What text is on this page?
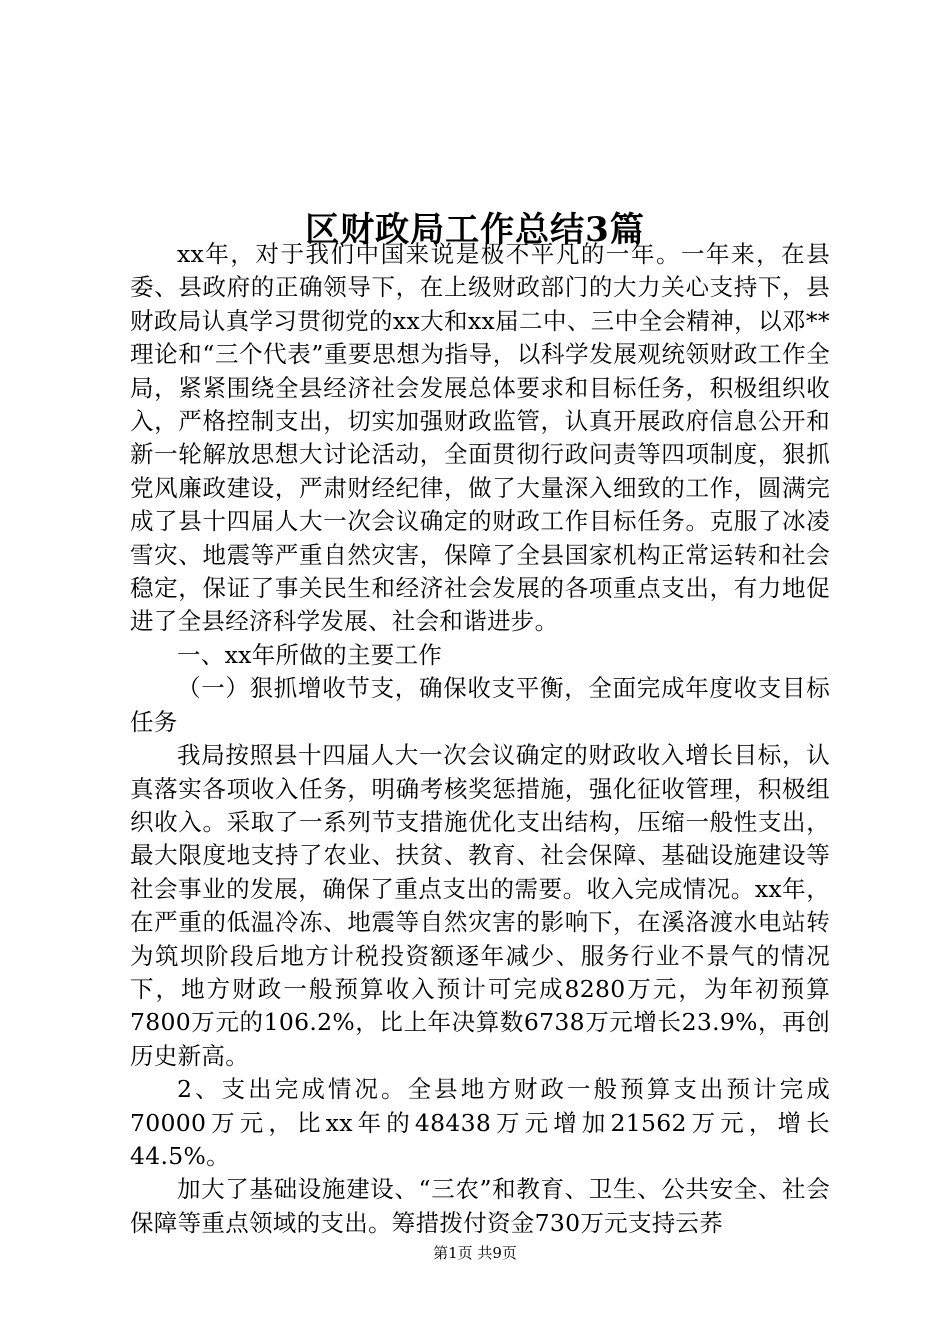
区财政局工作总结3篇

xx年，对于我们中国来说是极不平凡的一年。一年来，在县委、县政府的正确领导下，在上级财政部门的大力关心支持下，县财政局认真学习贯彻党的xx大和xx届二中、三中全会精神，以邓**理论和“三个代表”重要思想为指导，以科学发展观统领财政工作全局，紧紧围绕全县经济社会发展总体要求和目标任务，积极组织收入，严格控制支出，切实加强财政监管，认真开展政府信息公开和新一轮解放思想大讨论活动，全面贯彻行政问责等四项制度，狠抓党风廉政建设，严肃财经纪律，做了大量深入细致的工作，圆满完成了县十四届人大一次会议确定的财政工作目标任务。克服了冰凌雪灾、地震等严重自然灾害，保障了全县国家机构正常运转和社会稳定，保证了事关民生和经济社会发展的各项重点支出，有力地促进了全县经济科学发展、社会和谐进步。

一、xx年所做的主要工作

（一）狠抓增收节支，确保收支平衡，全面完成年度收支目标任务

我局按照县十四届人大一次会议确定的财政收入增长目标，认真落实各项收入任务，明确考核奖惩措施，强化征收管理，积极组织收入。采取了一系列节支措施优化支出结构，压缩一般性支出，最大限度地支持了农业、扶贫、教育、社会保障、基础设施建设等社会事业的发展，确保了重点支出的需要。收入完成情况。xx年，在严重的低温冷冻、地震等自然灾害的影响下，在溪洛渡水电站转为筑坝阶段后地方计税投资额逐年减少、服务行业不景气的情况下，地方财政一般预算收入预计可完成8280万元，为年初预算7800万元的106.2%，比上年决算数6738万元增长23.9%，再创历史新高。

2、支出完成情况。全县地方财政一般预算支出预计完成70000万元，比xx年的48438万元增加21562万元，增长44.5%。

加大了基础设施建设、“三农”和教育、卫生、公共安全、社会保障等重点领域的支出。筹措拨付资金730万元支持云荞

第1页 共9页
